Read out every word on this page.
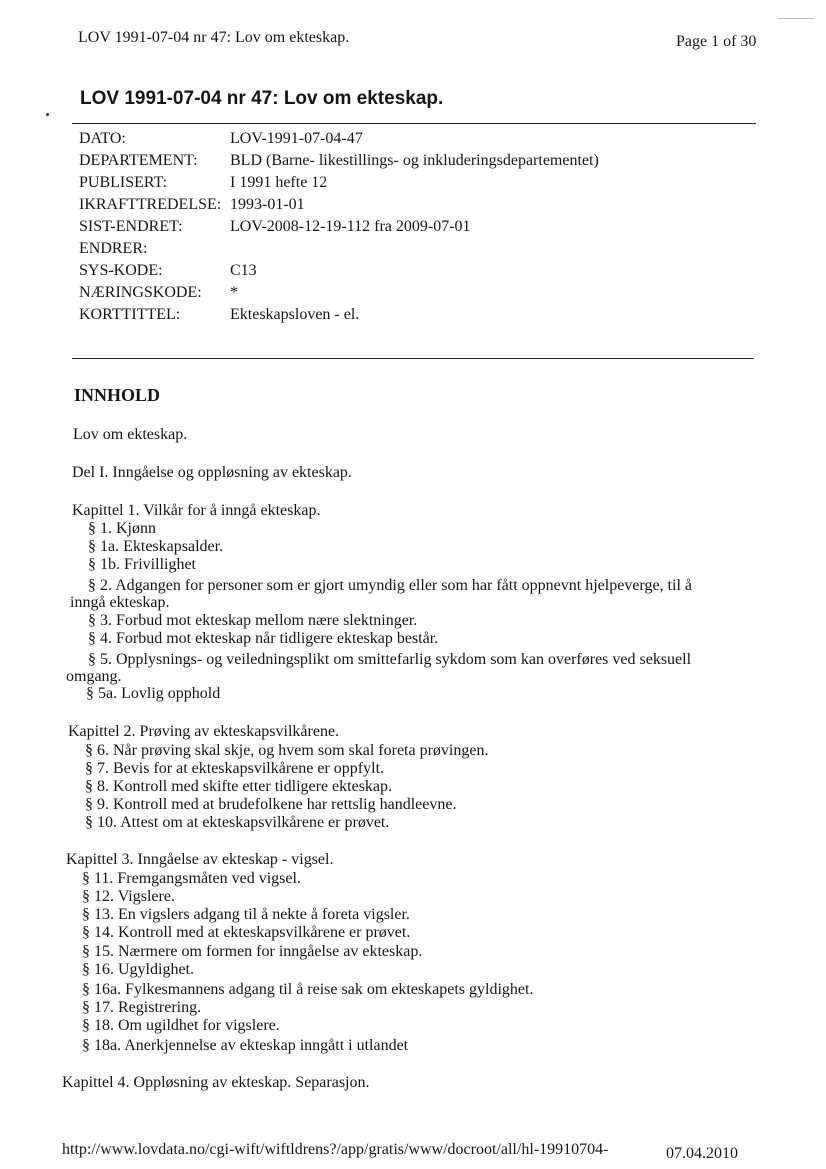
LOV 1991-07-04 nr 47: Lov om ekteskap.	Page 1 of 30
LOV 1991-07-04 nr 47: Lov om ekteskap.
DATO:	LOV-1991-07-04-47
DEPARTEMENT: BLD (Barne- likestillings- og inkluderingsdepartementet)
PUBLISERT:	I 1991 hefte 12
IKRAFTTREDELSE: 1993-01-01
SIST-ENDRET:	LOV-2008-12-19-112 fra 2009-07-01
ENDRER:
SYS-KODE:	C13
NÆRINGSKODE: *
KORTTITTEL:	Ekteskapsloven - el.
INNHOLD
Lov om ekteskap.
Del I. Inngåelse og oppløsning av ekteskap.
Kapittel 1. Vilkår for å inngå ekteskap.
§ 1. Kjønn
§ 1a. Ekteskapsalder.
§ 1b. Frivillighet
§ 2. Adgangen for personer som er gjort umyndig eller som har fått oppnevnt hjelpeverge, til å
inngå ekteskap.
§ 3. Forbud mot ekteskap mellom nære slektninger.
§ 4. Forbud mot ekteskap når tidligere ekteskap består.
§ 5. Opplysnings- og veiledningsplikt om smittefarlig sykdom som kan overføres ved seksuell
omgang.
§ 5a. Lovlig opphold
Kapittel 2. Prøving av ekteskapsvilkårene.
§ 6. Når prøving skal skje, og hvem som skal foreta prøvingen.
§ 7. Bevis for at ekteskapsvilkårene er oppfylt.
§ 8. Kontroll med skifte etter tidligere ekteskap.
§ 9. Kontroll med at brudefolkene har rettslig handleevne.
§ 10. Attest om at ekteskapsvilkårene er prøvet.
Kapittel 3. Inngåelse av ekteskap - vigsel.
§ 11. Fremgangsmåten ved vigsel.
§ 12. Vigslere.
§ 13. En vigslers adgang til å nekte å foreta vigsler.
§ 14. Kontroll med at ekteskapsvilkårene er prøvet.
§ 15. Nærmere om formen for inngåelse av ekteskap.
§ 16. Ugyldighet.
§ 16a. Fylkesmannens adgang til å reise sak om ekteskapets gyldighet.
§ 17. Registrering.
§ 18. Om ugildhet for vigslere.
§ 18a. Anerkjennelse av ekteskap inngått i utlandet
Kapittel 4. Oppløsning av ekteskap. Separasjon.
http://www.lovdata.no/cgi-wift/wiftldrens?/app/gratis/www/docroot/all/hl-19910704-	07.04.2010
